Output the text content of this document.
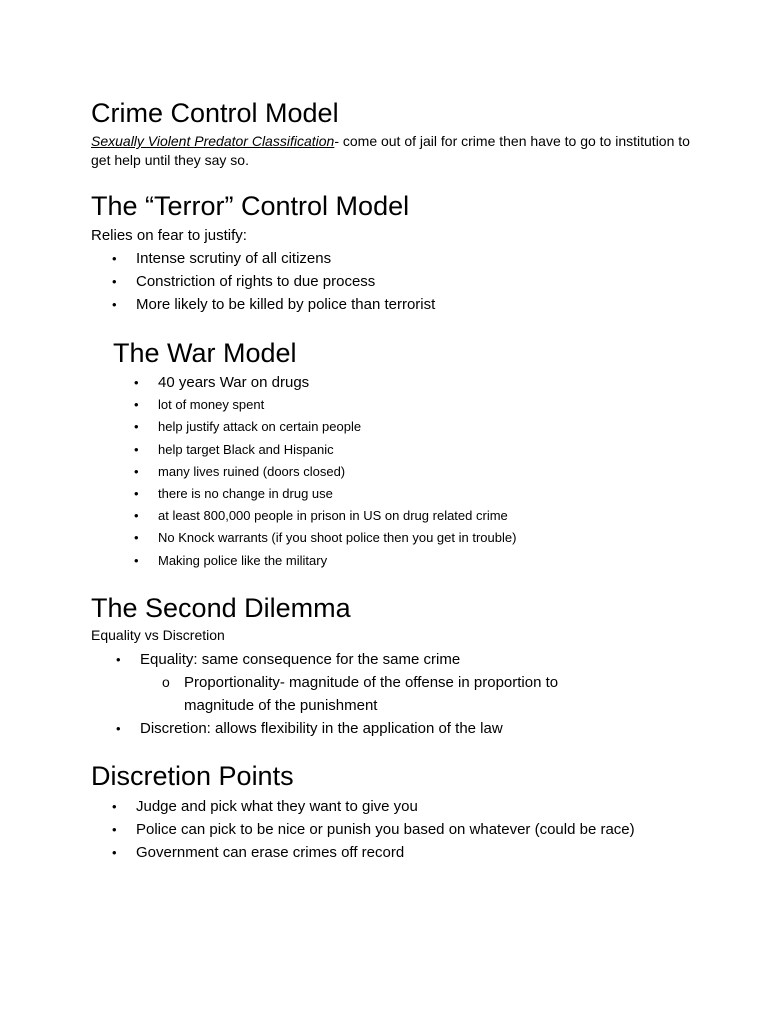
Crime Control Model

Sexually Violent Predator Classification- come out of jail for crime then have to go to institution to get help until they say so.

The “Terror” Control Model

Relies on fear to justify:

• Intense scrutiny of all citizens
• Constriction of rights to due process
• More likely to be killed by police than terrorist
The War Model
• 40 years War on drugs
• lot of money spent
• help justify attack on certain people
• help target Black and Hispanic
• many lives ruined (doors closed)
• there is no change in drug use
• at least 800,000 people in prison in US on drug related crime
• No Knock warrants (if you shoot police then you get in trouble)
• Making police like the military
The Second Dilemma

Equality vs Discretion

• Equality: same consequence for the same crime
o Proportionality- magnitude of the offense in proportion to magnitude of the punishment
• Discretion: allows flexibility in the application of the law
Discretion Points
• Judge and pick what they want to give you
• Police can pick to be nice or punish you based on whatever (could be race)
• Government can erase crimes off record
